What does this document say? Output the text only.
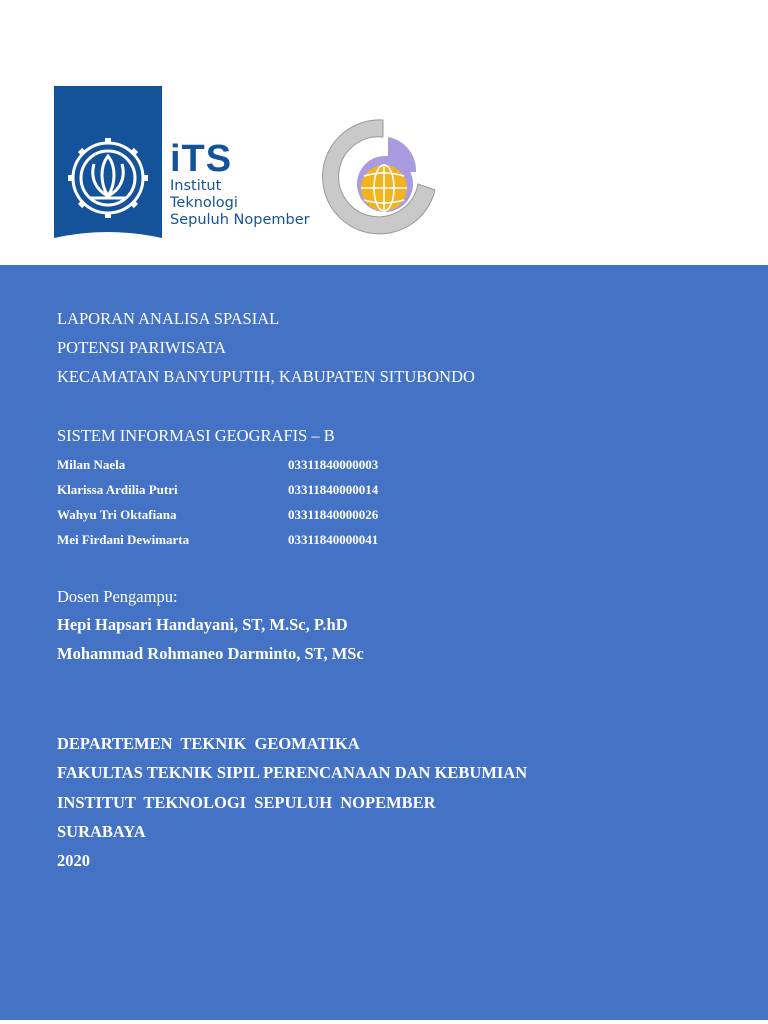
iTS
Institut
Teknologi
Sepuluh Nopember
LAPORAN ANALISA SPASIAL
POTENSI PARIWISATA
KECAMATAN BANYUPUTIH, KABUPATEN SITUBONDO
SISTEM INFORMASI GEOGRAFIS – B
Milan Naela	03311840000003
Klarissa Ardilia Putri	03311840000014
Wahyu Tri Oktafiana	03311840000026
Mei Firdani Dewimarta	03311840000041
Dosen Pengampu:
Hepi Hapsari Handayani, ST, M.Sc, P.hD
Mohammad Rohmaneo Darminto, ST, MSc
DEPARTEMEN TEKNIK GEOMATIKA
FAKULTAS TEKNIK SIPIL PERENCANAAN DAN KEBUMIAN
INSTITUT TEKNOLOGI SEPULUH NOPEMBER
SURABAYA
2020
